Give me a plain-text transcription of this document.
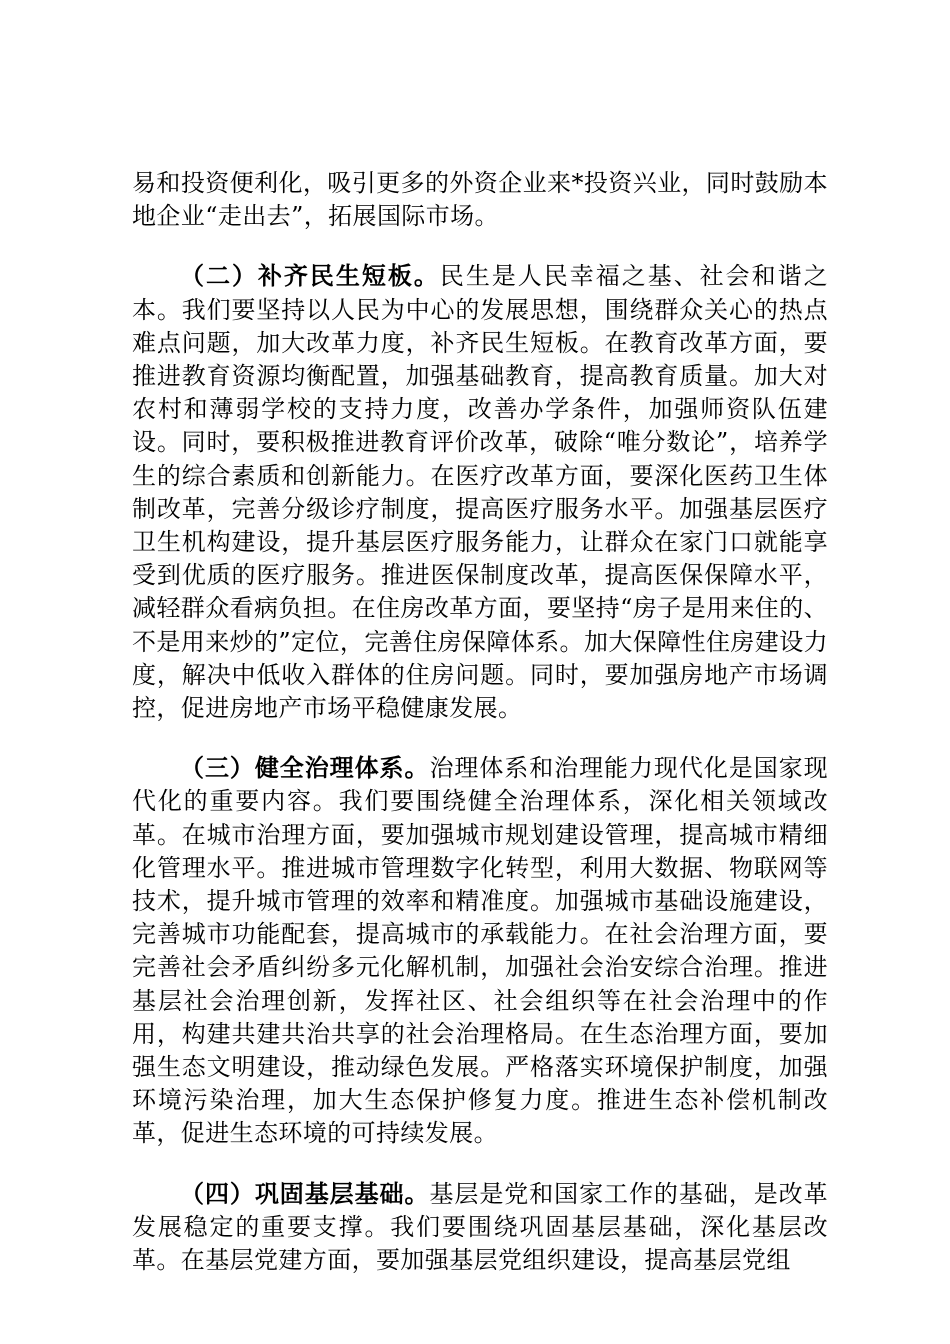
易和投资便利化，吸引更多的外资企业来*投资兴业，同时鼓励本地企业“走出去”，拓展国际市场。

（二）补齐民生短板。民生是人民幸福之基、社会和谐之本。我们要坚持以人民为中心的发展思想，围绕群众关心的热点难点问题，加大改革力度，补齐民生短板。在教育改革方面，要推进教育资源均衡配置，加强基础教育，提高教育质量。加大对农村和薄弱学校的支持力度，改善办学条件，加强师资队伍建设。同时，要积极推进教育评价改革，破除“唯分数论”，培养学生的综合素质和创新能力。在医疗改革方面，要深化医药卫生体制改革，完善分级诊疗制度，提高医疗服务水平。加强基层医疗卫生机构建设，提升基层医疗服务能力，让群众在家门口就能享受到优质的医疗服务。推进医保制度改革，提高医保保障水平，减轻群众看病负担。在住房改革方面，要坚持“房子是用来住的、不是用来炒的”定位，完善住房保障体系。加大保障性住房建设力度，解决中低收入群体的住房问题。同时，要加强房地产市场调控，促进房地产市场平稳健康发展。

（三）健全治理体系。治理体系和治理能力现代化是国家现代化的重要内容。我们要围绕健全治理体系，深化相关领域改革。在城市治理方面，要加强城市规划建设管理，提高城市精细化管理水平。推进城市管理数字化转型，利用大数据、物联网等技术，提升城市管理的效率和精准度。加强城市基础设施建设，完善城市功能配套，提高城市的承载能力。在社会治理方面，要完善社会矛盾纠纷多元化解机制，加强社会治安综合治理。推进基层社会治理创新，发挥社区、社会组织等在社会治理中的作用，构建共建共治共享的社会治理格局。在生态治理方面，要加强生态文明建设，推动绿色发展。严格落实环境保护制度，加强环境污染治理，加大生态保护修复力度。推进生态补偿机制改革，促进生态环境的可持续发展。

（四）巩固基层基础。基层是党和国家工作的基础，是改革发展稳定的重要支撑。我们要围绕巩固基层基础，深化基层改革。在基层党建方面，要加强基层党组织建设，提高基层党组
